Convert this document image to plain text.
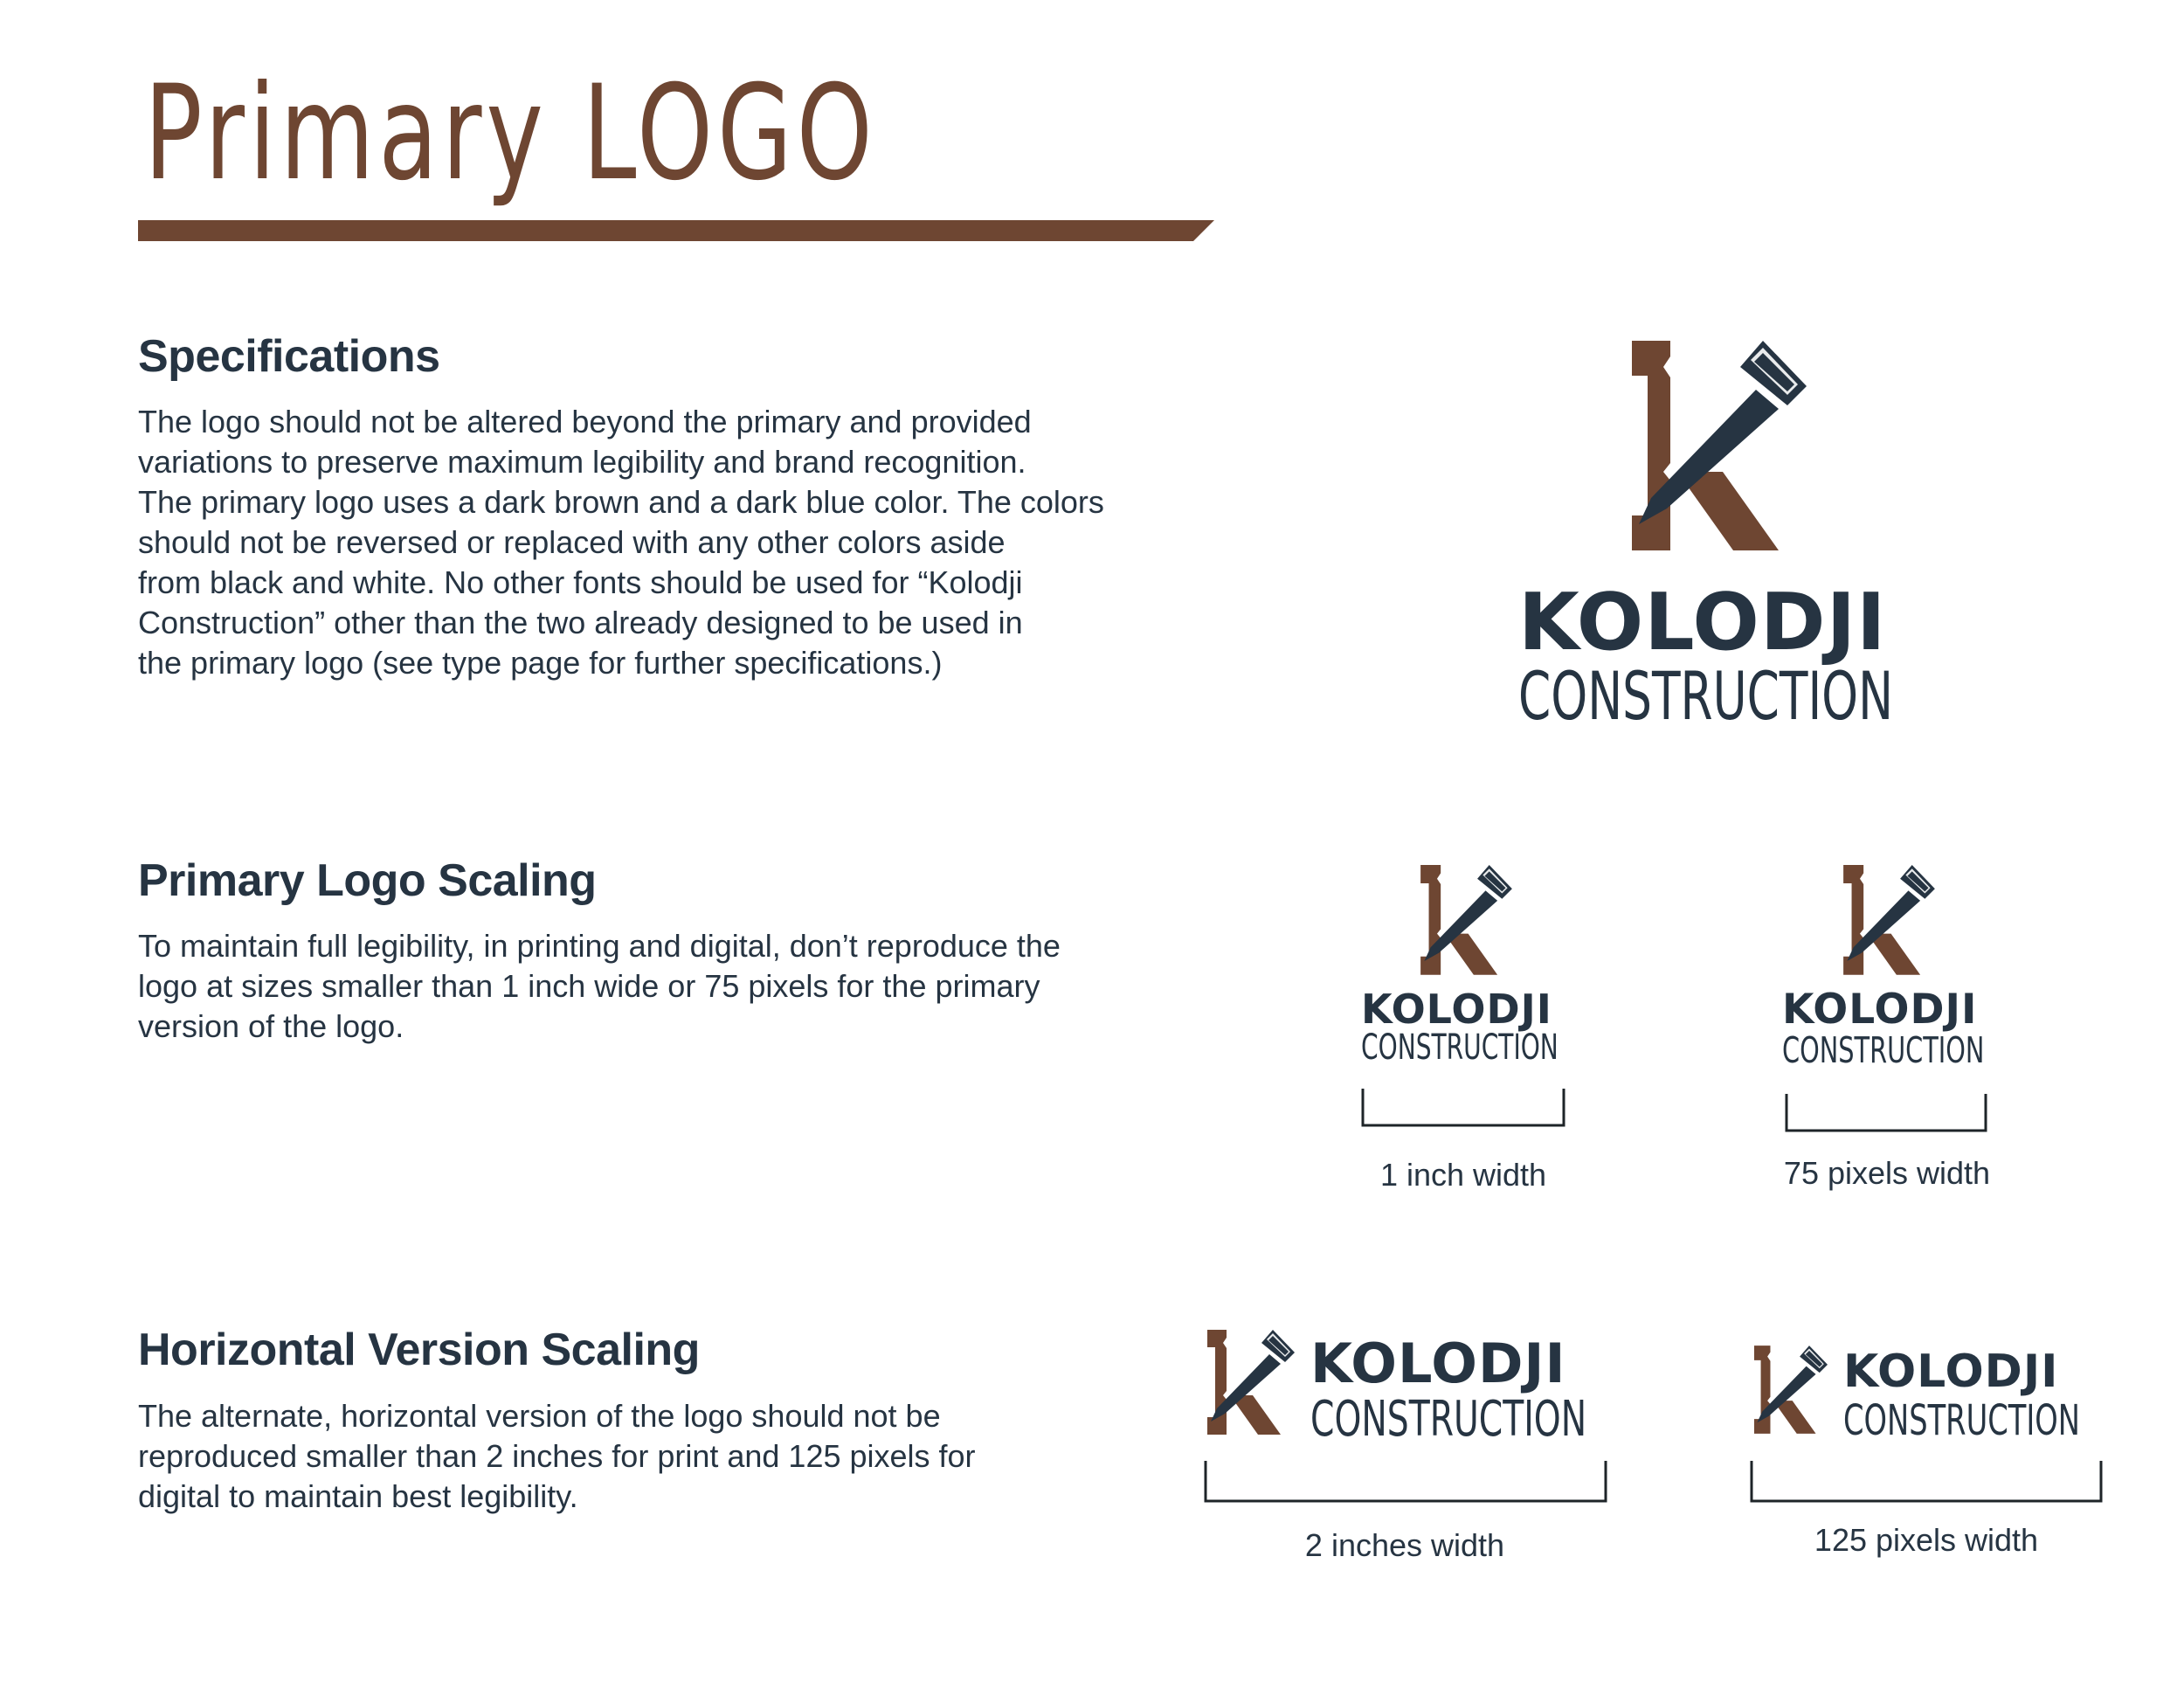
Primary LOGO
Specifications
The logo should not be altered beyond the primary and provided
variations to preserve maximum legibility and brand recognition.
The primary logo uses a dark brown and a dark blue color. The colors
should not be reversed or replaced with any other colors aside
from black and white. No other fonts should be used for “Kolodji
Construction” other than the two already designed to be used in
the primary logo (see type page for further specifications.)	KOLODJI
CONSTRUCTION
Primary Logo Scaling
To maintain full legibility, in printing and digital, don’t reproduce the
logo at sizes smaller than 1 inch wide or 75 pixels for the primary
version of the logo.	KOLODJI
CONSTRUCTION
1 inch width
KOLODJI
CONSTRUCTION
75 pixels width
Horizontal Version Scaling
The alternate, horizontal version of the logo should not be
reproduced smaller than 2 inches for print and 125 pixels for
digital to maintain best legibility.
KOLODJI
CONSTRUCTION
2 inches width
KOLODJI
CONSTRUCTION
125 pixels width
